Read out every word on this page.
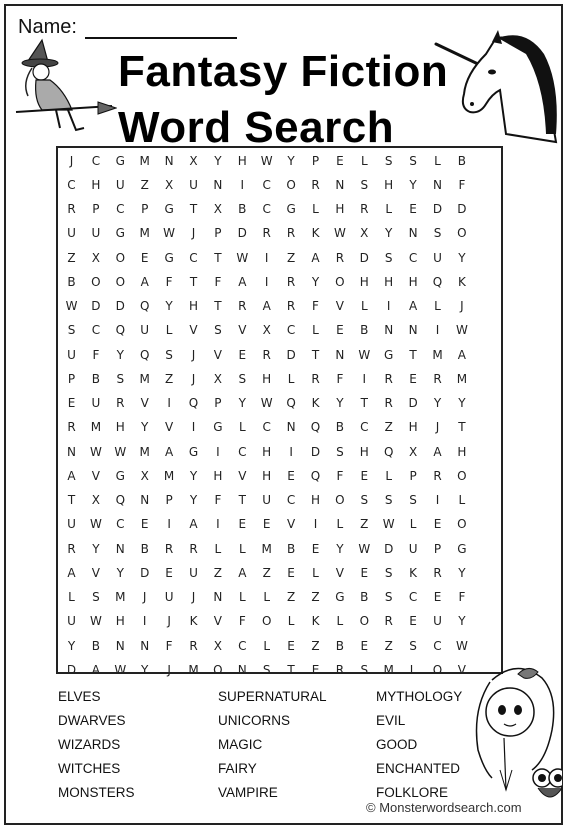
Name:
Fantasy Fiction
Word Search
J	C	G	M	N	X	Y	H	W	Y	P	E	L	S	S	L	B
C	H	U	Z	X	U	N	I	C	O	R	N	S	H	Y	N	F
R	P	C	P	G	T	X	B	C	G	L	H	R	L	E	D	D
U	U	G	M	W	J	P	D	R	R	K	W	X	Y	N	S	O
Z	X	O	E	G	C	T	W	I	Z	A	R	D	S	C	U	Y
B	O	O	A	F	T	F	A	I	R	Y	O	H	H	H	Q	K
W	D	D	Q	Y	H	T	R	A	R	F	V	L	I	A	L	J
S	C	Q	U	L	V	S	V	X	C	L	E	B	N	N	I	W
U	F	Y	Q	S	J	V	E	R	D	T	N	W	G	T	M	A
P	B	S	M	Z	J	X	S	H	L	R	F	I	R	E	R	M
E	U	R	V	I	Q	P	Y	W	Q	K	Y	T	R	D	Y	Y
R	M	H	Y	V	I	G	L	C	N	Q	B	C	Z	H	J	T
N	W	W	M	A	G	I	C	H	I	D	S	H	Q	X	A	H
A	V	G	X	M	Y	H	V	H	E	Q	F	E	L	P	R	O
T	X	Q	N	P	Y	F	T	U	C	H	O	S	S	S	I	L
U	W	C	E	I	A	I	E	E	V	I	L	Z	W	L	E	O
R	Y	N	B	R	R	L	L	M	B	E	Y	W	D	U	P	G
A	V	Y	D	E	U	Z	A	Z	E	L	V	E	S	K	R	Y
L	S	M	J	U	J	N	L	L	Z	Z	G	B	S	C	E	F
U	W	H	I	J	K	V	F	O	L	K	L	O	R	E	U	Y
Y	B	N	N	F	R	X	C	L	E	Z	B	E	Z	S	C	W
D	A	W	Y	J	M	O	N	S	T	E	R	S	M	L	O	V
ELVES
DWARVES
WIZARDS
WITCHES
MONSTERS
SUPERNATURAL
UNICORNS
MAGIC
FAIRY
VAMPIRE
MYTHOLOGY
EVIL
GOOD
ENCHANTED
FOLKLORE
© Monsterwordsearch.com
